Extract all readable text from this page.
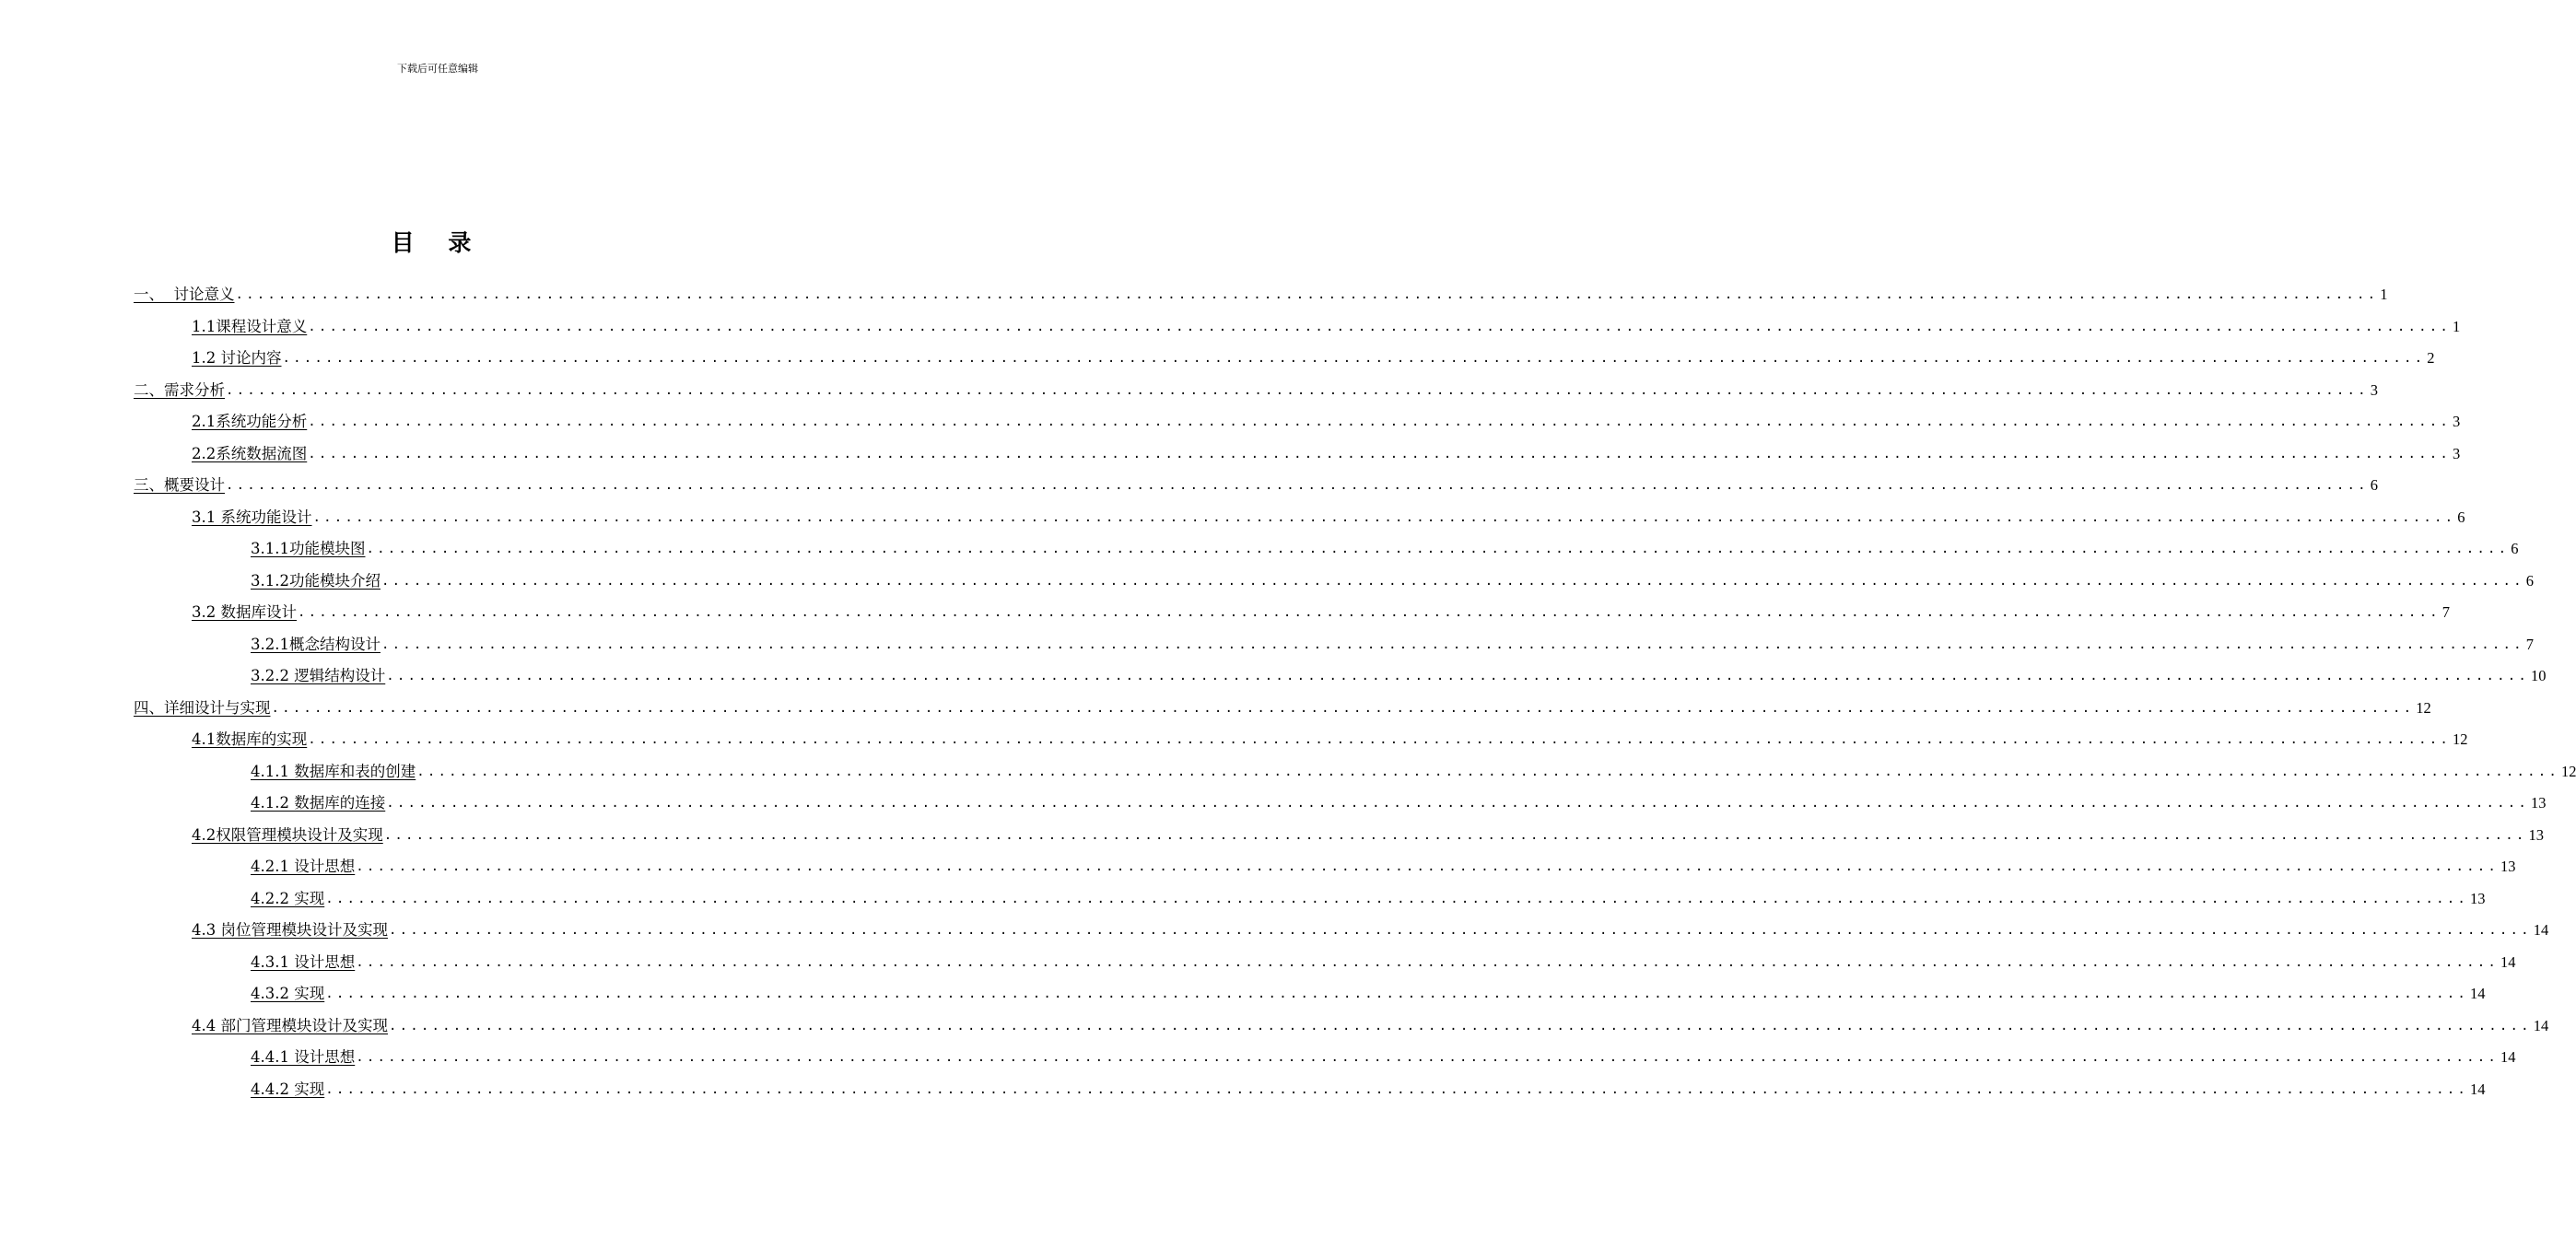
下载后可任意编辑
目 录
一、  讨论意义 ........................................................................................................................................................................................................ 1
1.1课程设计意义 ........................................................................................................................................................................................................ 1
1.2 讨论内容 ........................................................................................................................................................................................................ 2
二、需求分析 ........................................................................................................................................................................................................ 3
2.1系统功能分析 ........................................................................................................................................................................................................ 3
2.2系统数据流图 ........................................................................................................................................................................................................ 3
三、概要设计 ........................................................................................................................................................................................................ 6
3.1 系统功能设计 ........................................................................................................................................................................................................ 6
3.1.1功能模块图 ........................................................................................................................................................................................................ 6
3.1.2功能模块介绍 ........................................................................................................................................................................................................ 6
3.2 数据库设计 ........................................................................................................................................................................................................ 7
3.2.1概念结构设计 ........................................................................................................................................................................................................ 7
3.2.2 逻辑结构设计 ........................................................................................................................................................................................................ 10
四、详细设计与实现 ........................................................................................................................................................................................................ 12
4.1数据库的实现 ........................................................................................................................................................................................................ 12
4.1.1 数据库和表的创建 ........................................................................................................................................................................................................ 12
4.1.2 数据库的连接 ........................................................................................................................................................................................................ 13
4.2权限管理模块设计及实现 ........................................................................................................................................................................................................ 13
4.2.1 设计思想 ........................................................................................................................................................................................................ 13
4.2.2 实现 ........................................................................................................................................................................................................ 13
4.3 岗位管理模块设计及实现 ........................................................................................................................................................................................................ 14
4.3.1 设计思想 ........................................................................................................................................................................................................ 14
4.3.2 实现 ........................................................................................................................................................................................................ 14
4.4 部门管理模块设计及实现 ........................................................................................................................................................................................................ 14
4.4.1 设计思想 ........................................................................................................................................................................................................ 14
4.4.2 实现 ........................................................................................................................................................................................................ 14
